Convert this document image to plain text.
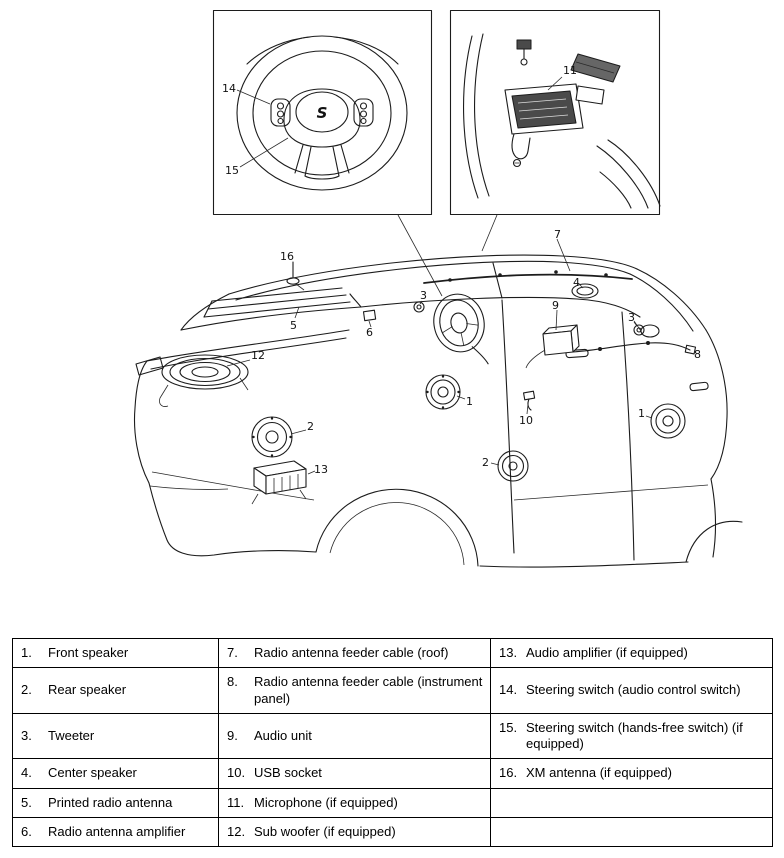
S
14
15
11
7
16
5
6
3
4
9
8
3
10
1
2
1
12
2
13
1. Front speaker	7. Radio antenna feeder cable (roof)	13. Audio amplifier (if equipped)

2. Rear speaker	8. Radio antenna feeder cable (instrument panel)	14. Steering switch (audio control switch)

3. Tweeter	9. Audio unit	15. Steering switch (hands-free switch) (if equipped)

4. Center speaker	10. USB socket	16. XM antenna (if equipped)

5. Printed radio antenna	11. Microphone (if equipped)	

6. Radio antenna amplifier	12. Sub woofer (if equipped)	
